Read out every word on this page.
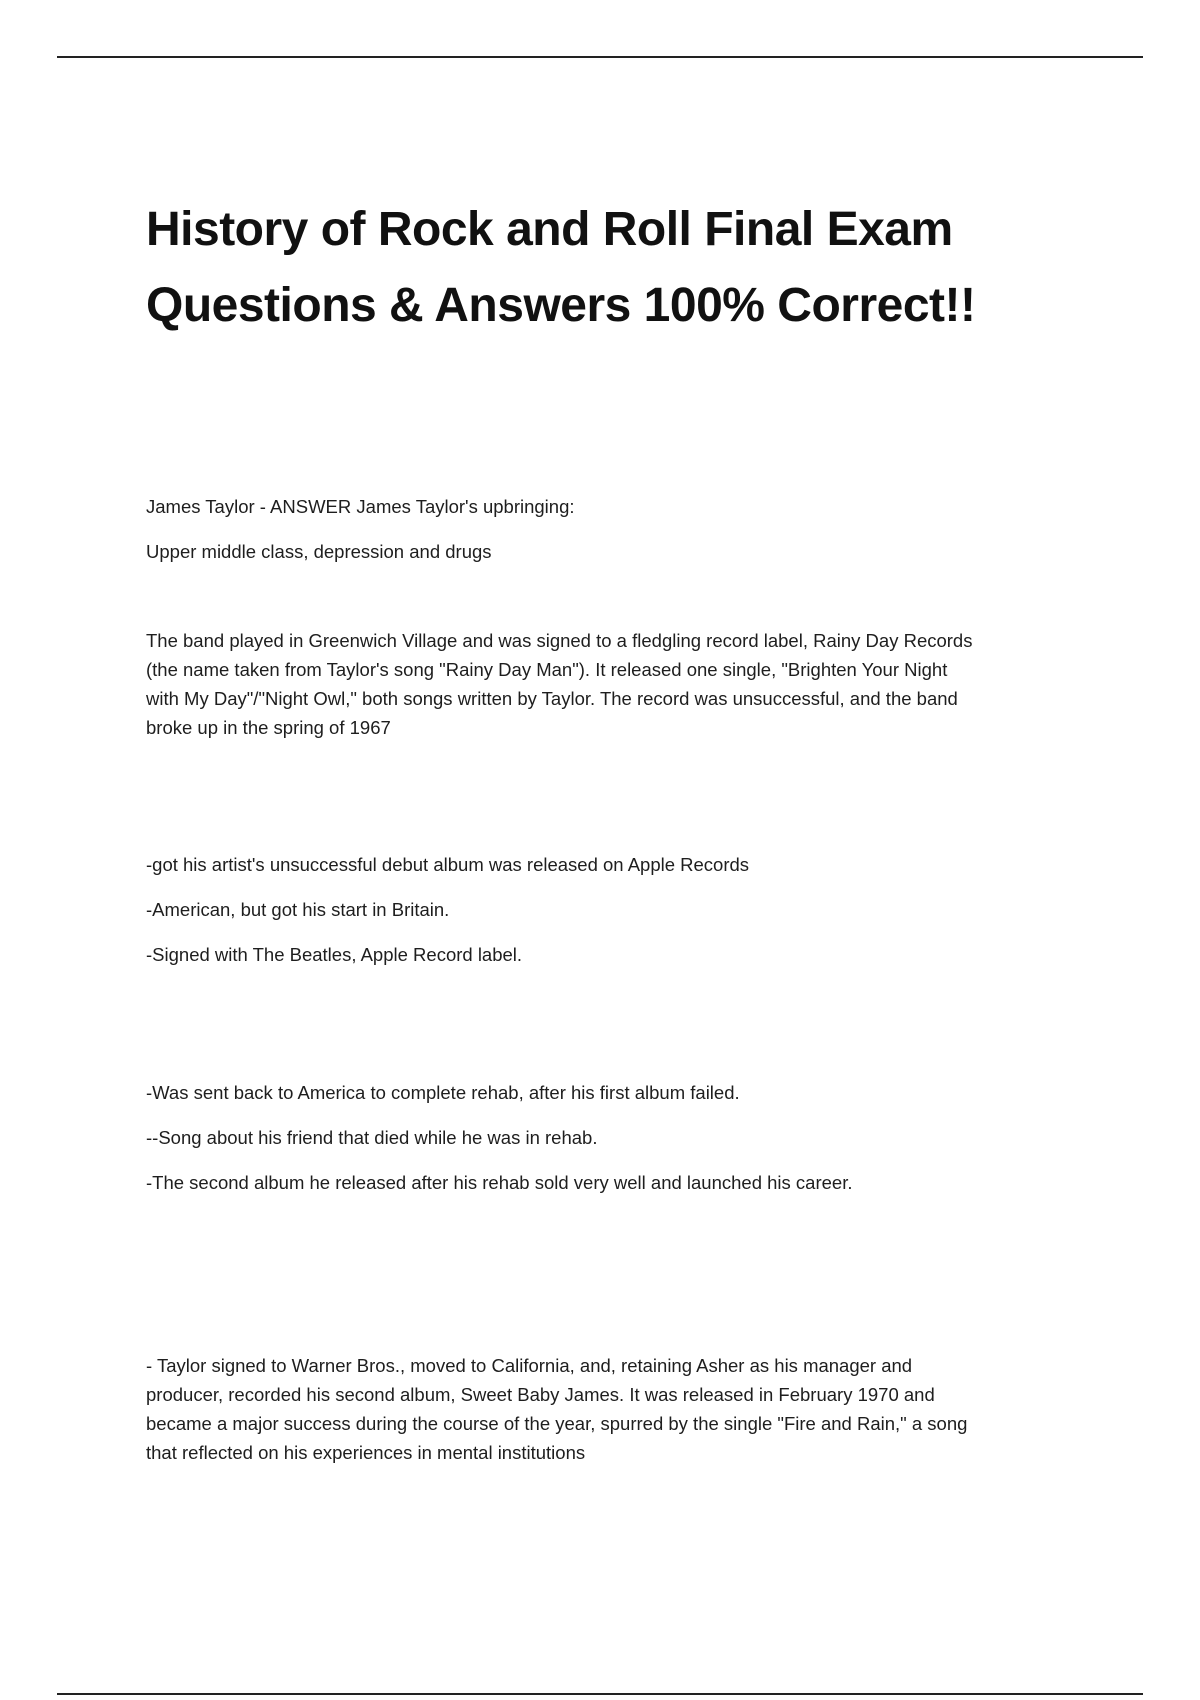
History of Rock and Roll Final Exam
Questions & Answers 100% Correct!!
James Taylor - ANSWER James Taylor's upbringing:
Upper middle class, depression and drugs
The band played in Greenwich Village and was signed to a fledgling record label, Rainy Day Records
(the name taken from Taylor's song "Rainy Day Man"). It released one single, "Brighten Your Night
with My Day"/"Night Owl," both songs written by Taylor. The record was unsuccessful, and the band
broke up in the spring of 1967
-got his artist's unsuccessful debut album was released on Apple Records
-American, but got his start in Britain.
-Signed with The Beatles, Apple Record label.
-Was sent back to America to complete rehab, after his first album failed.
--Song about his friend that died while he was in rehab.
-The second album he released after his rehab sold very well and launched his career.
- Taylor signed to Warner Bros., moved to California, and, retaining Asher as his manager and
producer, recorded his second album, Sweet Baby James. It was released in February 1970 and
became a major success during the course of the year, spurred by the single "Fire and Rain," a song
that reflected on his experiences in mental institutions
